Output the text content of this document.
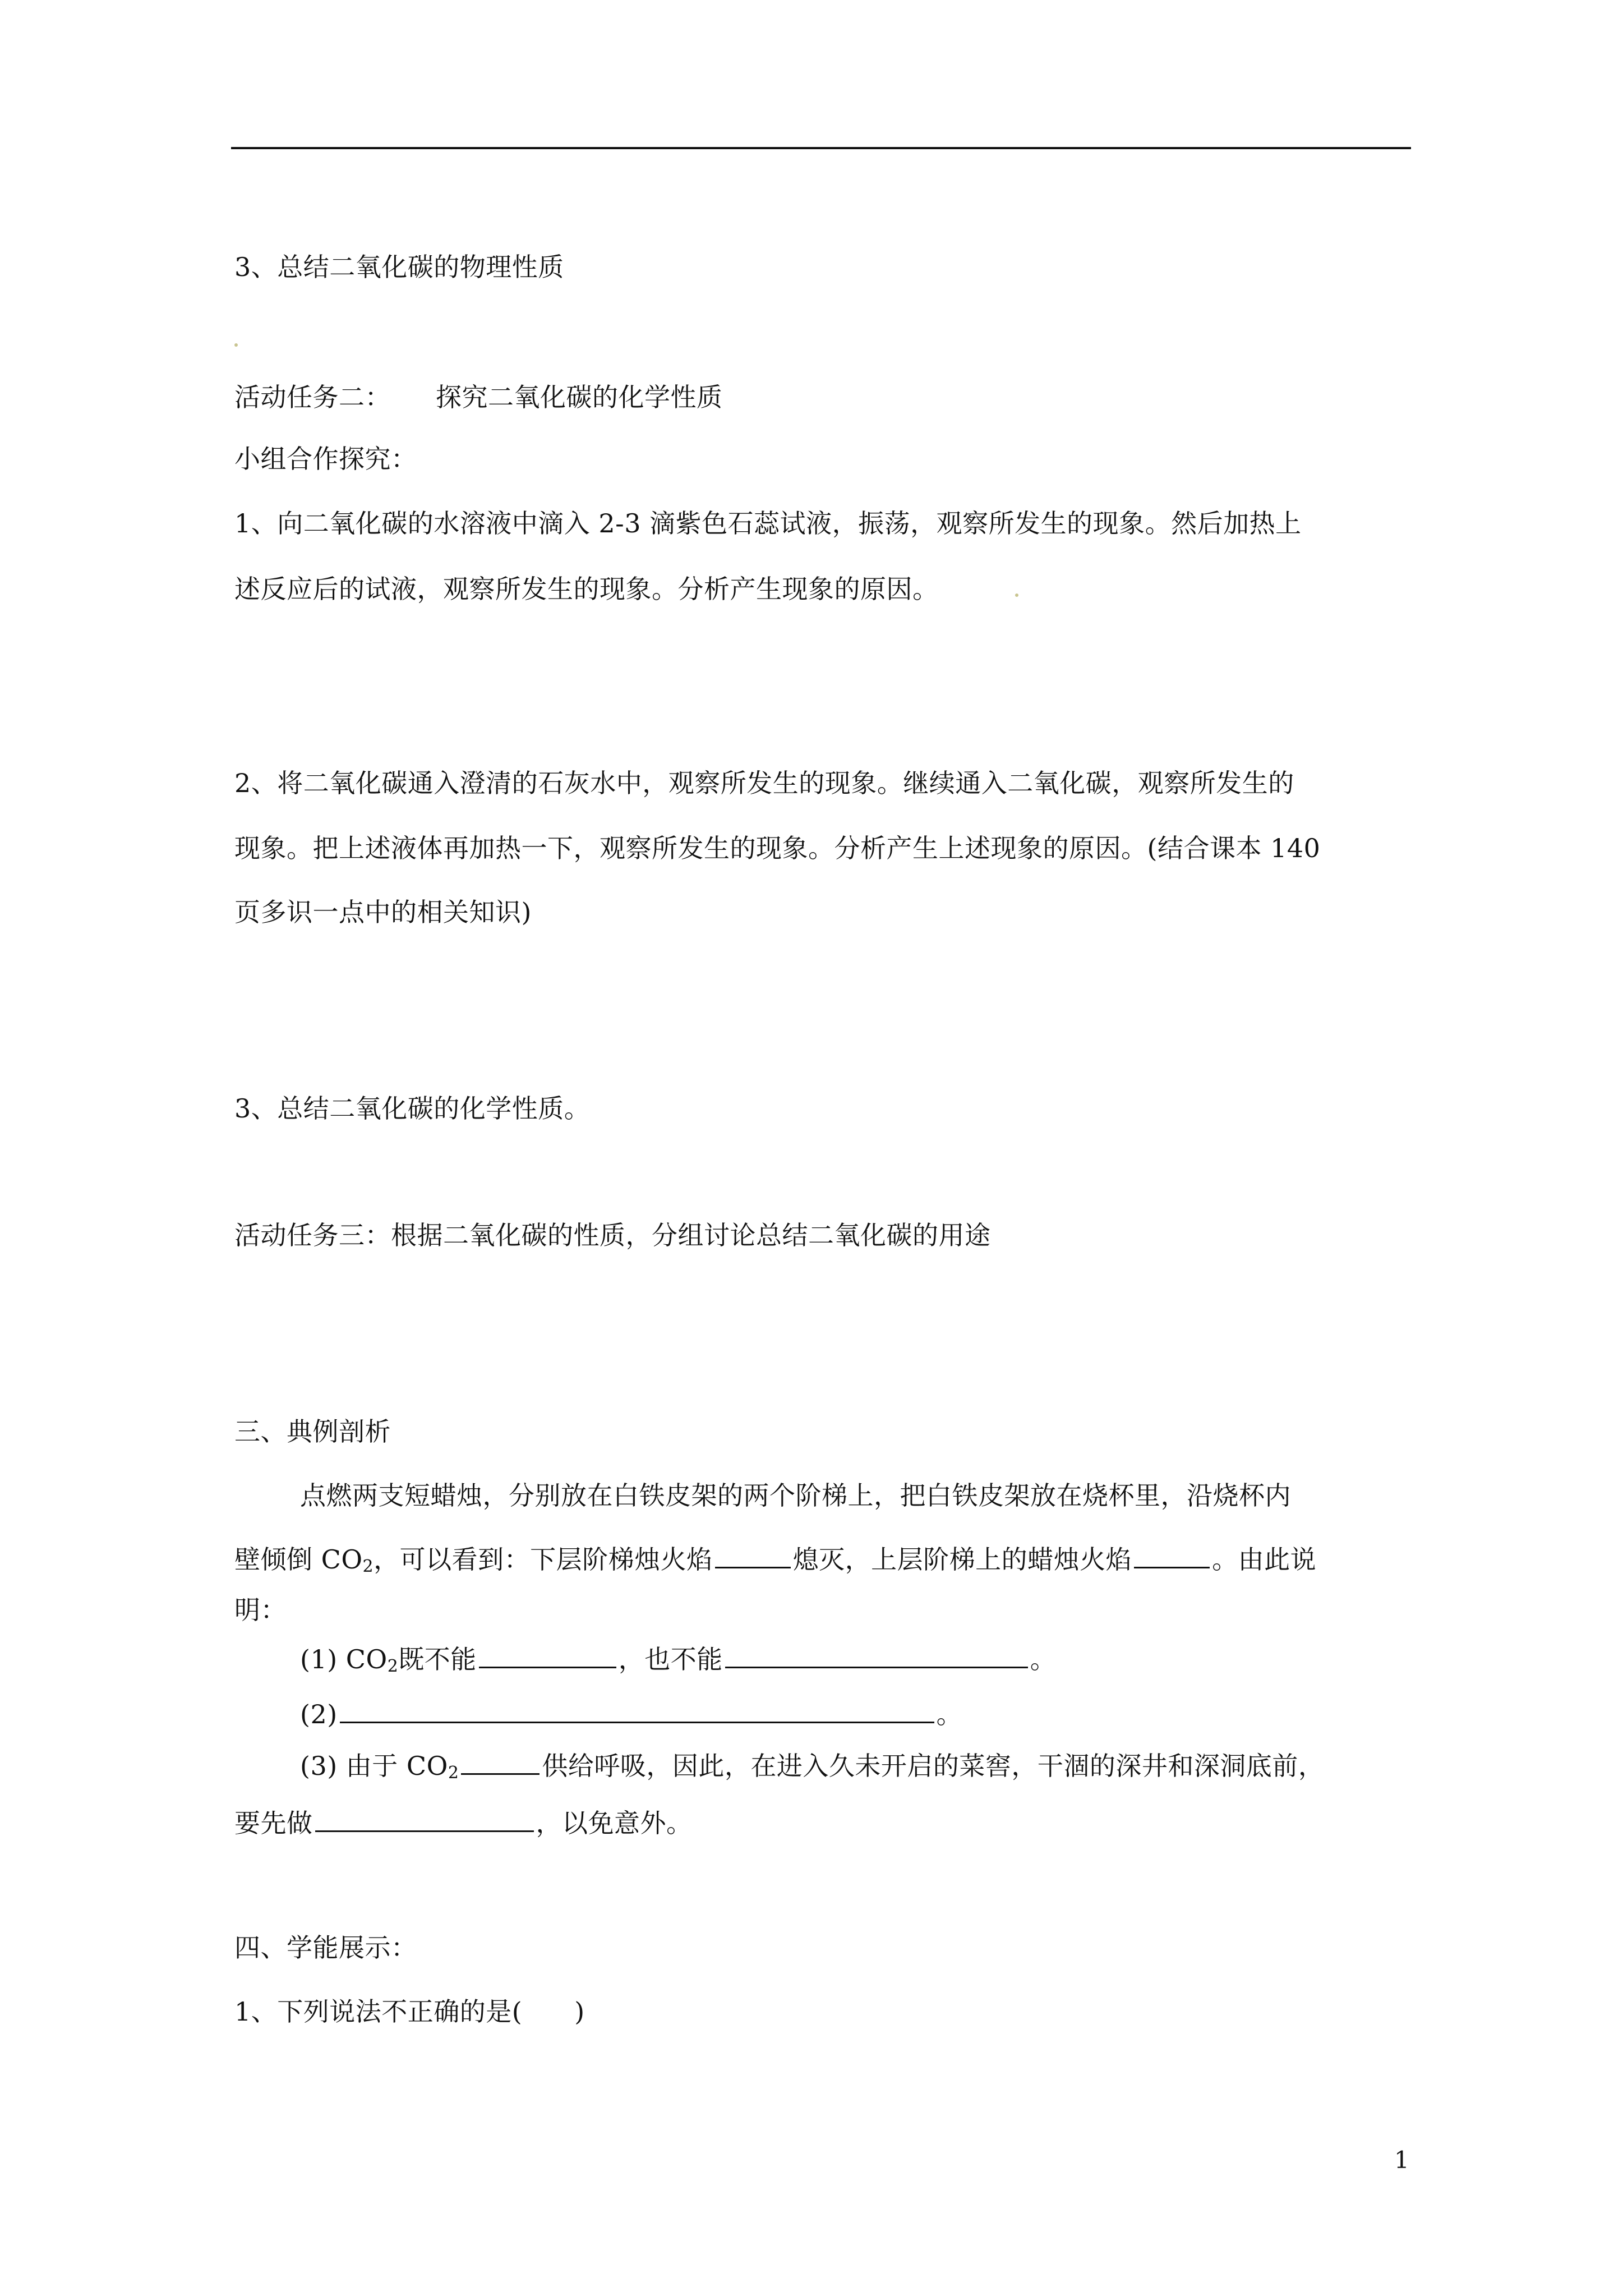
3、总结二氧化碳的物理性质
活动任务二： 探究二氧化碳的化学性质
小组合作探究：
1、向二氧化碳的水溶液中滴入 2-3 滴紫色石蕊试液，振荡，观察所发生的现象。然后加热上
述反应后的试液，观察所发生的现象。分析产生现象的原因。
2、将二氧化碳通入澄清的石灰水中，观察所发生的现象。继续通入二氧化碳，观察所发生的
现象。把上述液体再加热一下，观察所发生的现象。分析产生上述现象的原因。(结合课本 140
页多识一点中的相关知识)
3、总结二氧化碳的化学性质。
活动任务三：根据二氧化碳的性质，分组讨论总结二氧化碳的用途
三、典例剖析
点燃两支短蜡烛，分别放在白铁皮架的两个阶梯上，把白铁皮架放在烧杯里，沿烧杯内
壁倾倒 $CO_2$，可以看到：下层阶梯烛火焰	熄灭，上层阶梯上的蜡烛火焰	。由此说
明：
(1) $CO_2$既不能	，也不能	。
(2)	。
(3) 由于 $CO_2$	供给呼吸，因此，在进入久未开启的菜窖，干涸的深井和深洞底前，
要先做	，以免意外。
四、学能展示：
1、下列说法不正确的是(　　)
1
